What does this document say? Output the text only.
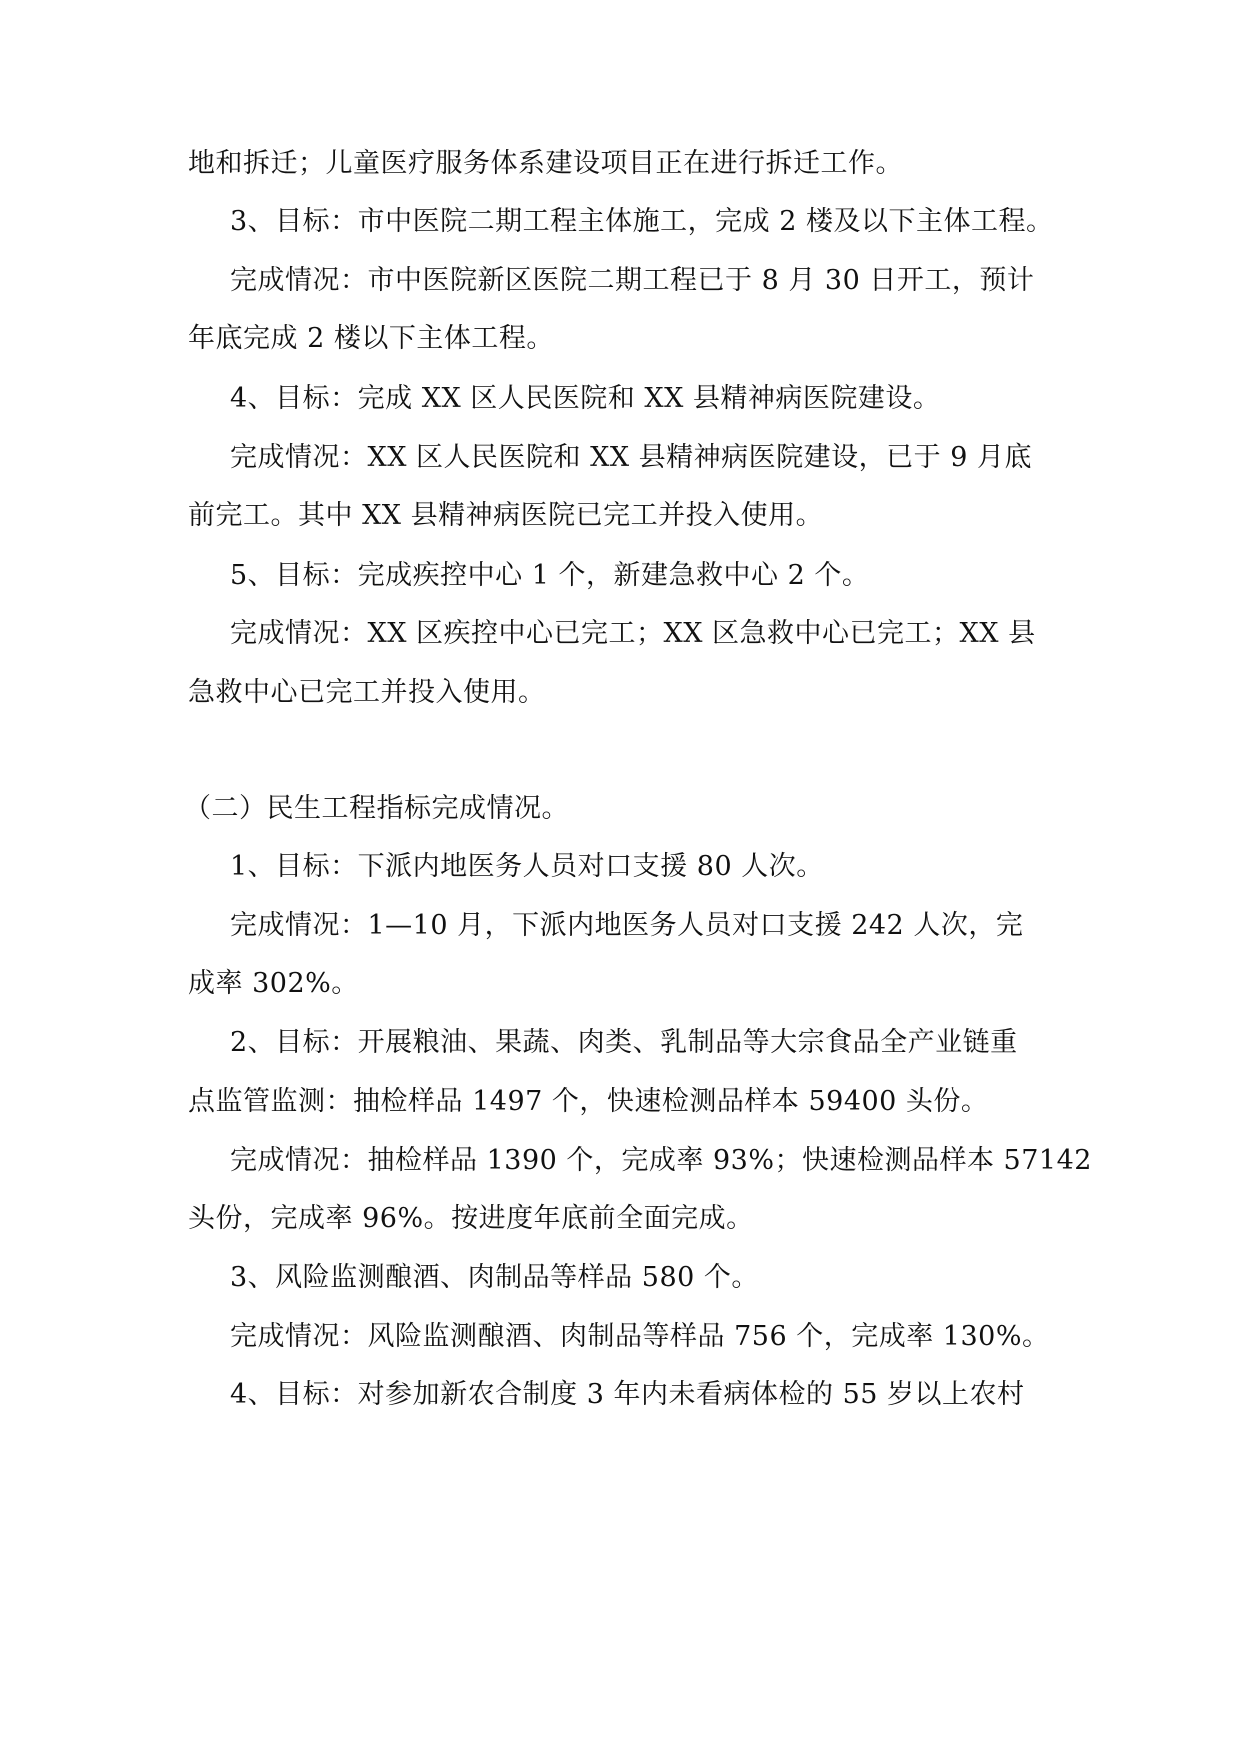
地和拆迁；儿童医疗服务体系建设项目正在进行拆迁工作。
3、目标：市中医院二期工程主体施工，完成 2 楼及以下主体工程。
完成情况：市中医院新区医院二期工程已于 8 月 30 日开工，预计
年底完成 2 楼以下主体工程。
4、目标：完成 XX 区人民医院和 XX 县精神病医院建设。
完成情况：XX 区人民医院和 XX 县精神病医院建设，已于 9 月底
前完工。其中 XX 县精神病医院已完工并投入使用。
5、目标：完成疾控中心 1 个，新建急救中心 2 个。
完成情况：XX 区疾控中心已完工；XX 区急救中心已完工；XX 县
急救中心已完工并投入使用。
（二）民生工程指标完成情况。
1、目标：下派内地医务人员对口支援 80 人次。
完成情况：1—10 月，下派内地医务人员对口支援 242 人次，完
成率 302%。
2、目标：开展粮油、果蔬、肉类、乳制品等大宗食品全产业链重
点监管监测：抽检样品 1497 个，快速检测品样本 59400 头份。
完成情况：抽检样品 1390 个，完成率 93%；快速检测品样本 57142
头份，完成率 96%。按进度年底前全面完成。
3、风险监测酿酒、肉制品等样品 580 个。
完成情况：风险监测酿酒、肉制品等样品 756 个，完成率 130%。
4、目标：对参加新农合制度 3 年内未看病体检的 55 岁以上农村
